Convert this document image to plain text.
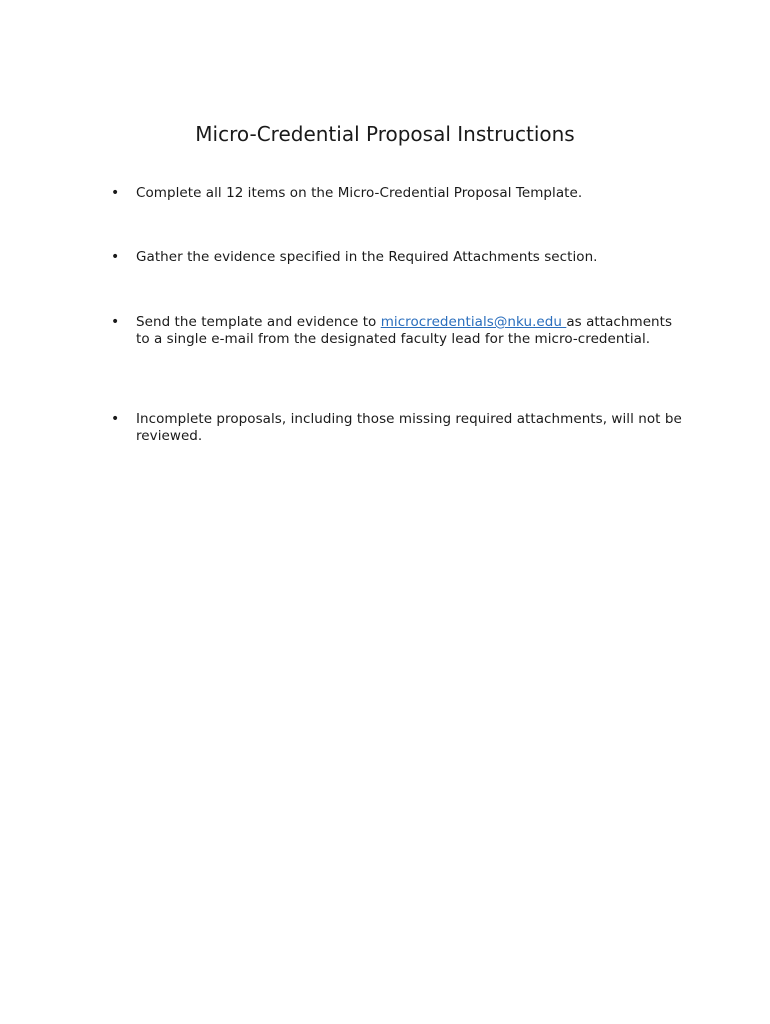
Micro-Credential Proposal Instructions
•	Complete all 12 items on the Micro-Credential Proposal Template.
•	Gather the evidence specified in the Required Attachments section.
•	Send the template and evidence to microcredentials@nku.edu as attachments to a single e-mail from the designated faculty lead for the micro-credential.
•	Incomplete proposals, including those missing required attachments, will not be reviewed.
